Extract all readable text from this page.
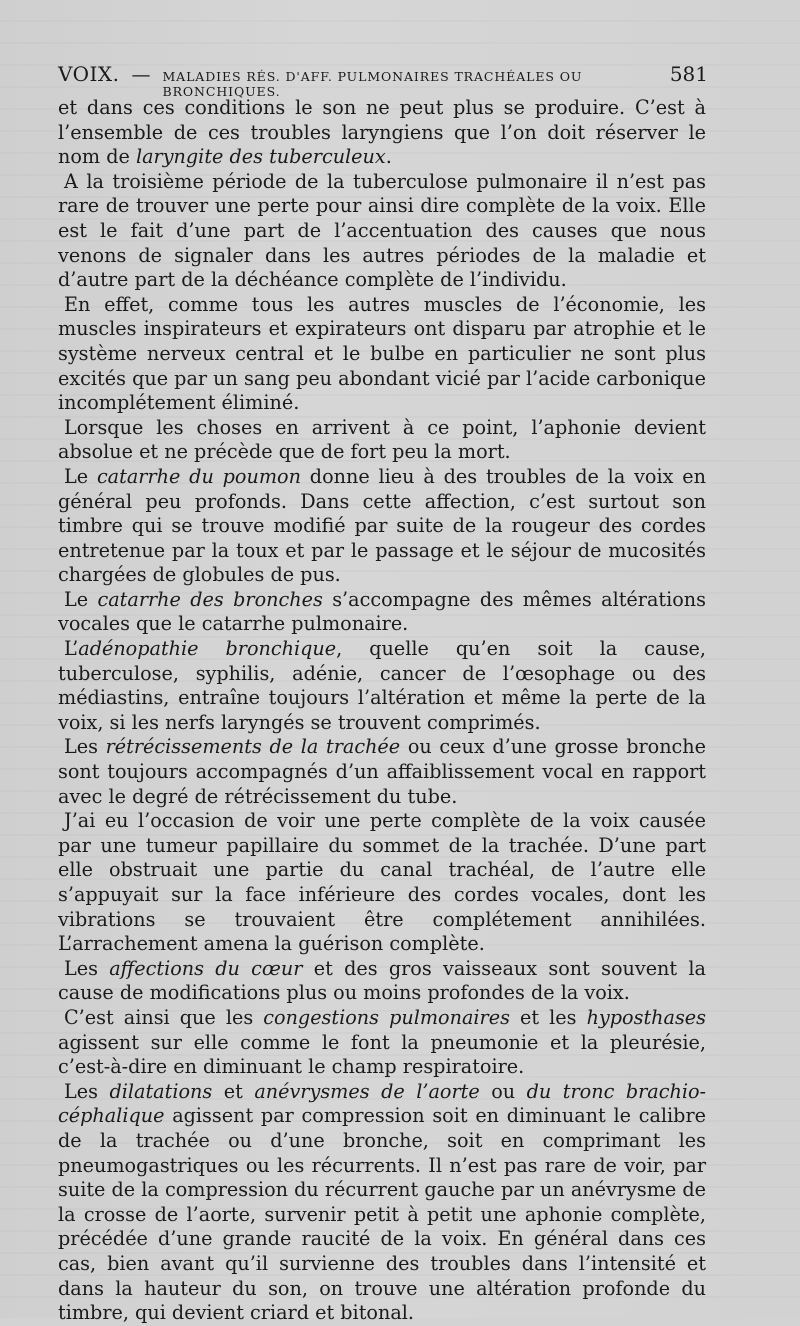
VOIX. — MALADIES RÉS. D'AFF. PULMONAIRES TRACHÉALES OU BRONCHIQUES.
581

et dans ces conditions le son ne peut plus se produire. C’est à l’ensemble de ces troubles laryngiens que l’on doit réserver le nom de laryngite des tuberculeux.

A la troisième période de la tuberculose pulmonaire il n’est pas rare de trouver une perte pour ainsi dire complète de la voix. Elle est le fait d’une part de l’accentuation des causes que nous venons de signaler dans les autres périodes de la maladie et d’autre part de la déchéance complète de l’individu.

En effet, comme tous les autres muscles de l’économie, les muscles inspirateurs et expirateurs ont disparu par atrophie et le système nerveux central et le bulbe en particulier ne sont plus excités que par un sang peu abondant vicié par l’acide carbonique incomplétement éliminé.

Lorsque les choses en arrivent à ce point, l’aphonie devient absolue et ne précède que de fort peu la mort.

Le catarrhe du poumon donne lieu à des troubles de la voix en général peu profonds. Dans cette affection, c’est surtout son timbre qui se trouve modifié par suite de la rougeur des cordes entretenue par la toux et par le passage et le séjour de mucosités chargées de globules de pus.

Le catarrhe des bronches s’accompagne des mêmes altérations vocales que le catarrhe pulmonaire.

L’adénopathie bronchique, quelle qu’en soit la cause, tuberculose, syphilis, adénie, cancer de l’œsophage ou des médiastins, entraîne toujours l’altération et même la perte de la voix, si les nerfs laryngés se trouvent comprimés.

Les rétrécissements de la trachée ou ceux d’une grosse bronche sont toujours accompagnés d’un affaiblissement vocal en rapport avec le degré de rétrécissement du tube.

J’ai eu l’occasion de voir une perte complète de la voix causée par une tumeur papillaire du sommet de la trachée. D’une part elle obstruait une partie du canal trachéal, de l’autre elle s’appuyait sur la face inférieure des cordes vocales, dont les vibrations se trouvaient être complétement annihilées. L’arrachement amena la guérison complète.

Les affections du cœur et des gros vaisseaux sont souvent la cause de modifications plus ou moins profondes de la voix.

C’est ainsi que les congestions pulmonaires et les hyposthases agissent sur elle comme le font la pneumonie et la pleurésie, c’est-à-dire en diminuant le champ respiratoire.

Les dilatations et anévrysmes de l’aorte ou du tronc brachio-céphalique agissent par compression soit en diminuant le calibre de la trachée ou d’une bronche, soit en comprimant les pneumogastriques ou les récurrents. Il n’est pas rare de voir, par suite de la compression du récurrent gauche par un anévrysme de la crosse de l’aorte, survenir petit à petit une aphonie complète, précédée d’une grande raucité de la voix. En général dans ces cas, bien avant qu’il survienne des troubles dans l’intensité et dans la hauteur du son, on trouve une altération profonde du timbre, qui devient criard et bitonal.
